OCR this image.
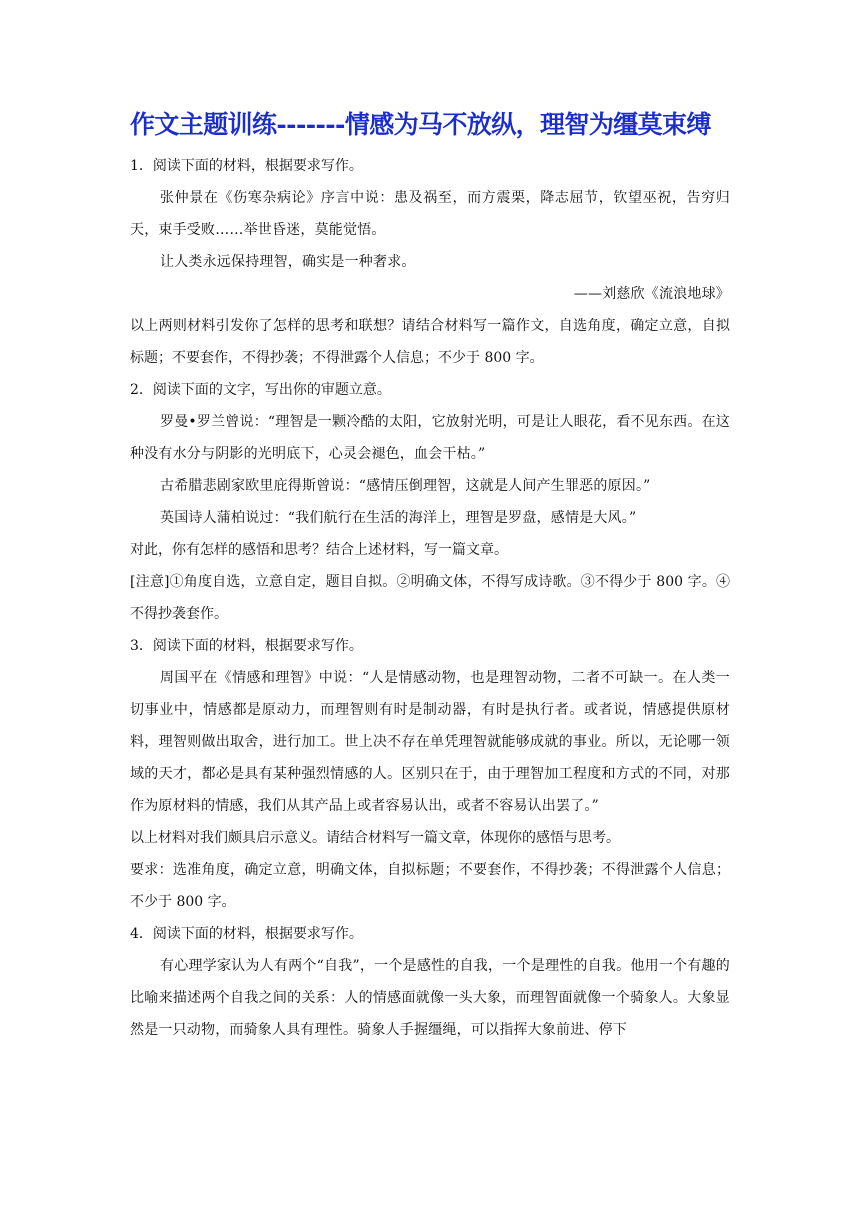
作文主题训练-------情感为马不放纵，理智为缰莫束缚

1．阅读下面的材料，根据要求写作。

张仲景在《伤寒杂病论》序言中说：患及祸至，而方震栗，降志屈节，钦望巫祝，告穷归天，束手受败……举世昏迷，莫能觉悟。

让人类永远保持理智，确实是一种奢求。

——刘慈欣《流浪地球》

以上两则材料引发你了怎样的思考和联想？请结合材料写一篇作文，自选角度，确定立意，自拟标题；不要套作，不得抄袭；不得泄露个人信息；不少于 800 字。

2．阅读下面的文字，写出你的审题立意。

罗曼•罗兰曾说：“理智是一颗冷酷的太阳，它放射光明，可是让人眼花，看不见东西。在这种没有水分与阴影的光明底下，心灵会褪色，血会干枯。”

古希腊悲剧家欧里庇得斯曾说：“感情压倒理智，这就是人间产生罪恶的原因。”

英国诗人蒲柏说过：“我们航行在生活的海洋上，理智是罗盘，感情是大风。”

对此，你有怎样的感悟和思考？结合上述材料，写一篇文章。

[注意]①角度自选，立意自定，题目自拟。②明确文体，不得写成诗歌。③不得少于 800 字。④不得抄袭套作。

3．阅读下面的材料，根据要求写作。

周国平在《情感和理智》中说：“人是情感动物，也是理智动物，二者不可缺一。在人类一切事业中，情感都是原动力，而理智则有时是制动器，有时是执行者。或者说，情感提供原材料，理智则做出取舍，进行加工。世上决不存在单凭理智就能够成就的事业。所以，无论哪一领域的天才，都必是具有某种强烈情感的人。区别只在于，由于理智加工程度和方式的不同，对那作为原材料的情感，我们从其产品上或者容易认出，或者不容易认出罢了。”

以上材料对我们颇具启示意义。请结合材料写一篇文章，体现你的感悟与思考。

要求：选准角度，确定立意，明确文体，自拟标题；不要套作，不得抄袭；不得泄露个人信息；不少于 800 字。

4．阅读下面的材料，根据要求写作。

有心理学家认为人有两个“自我”，一个是感性的自我，一个是理性的自我。他用一个有趣的比喻来描述两个自我之间的关系：人的情感面就像一头大象，而理智面就像一个骑象人。大象显然是一只动物，而骑象人具有理性。骑象人手握缰绳，可以指挥大象前进、停下
